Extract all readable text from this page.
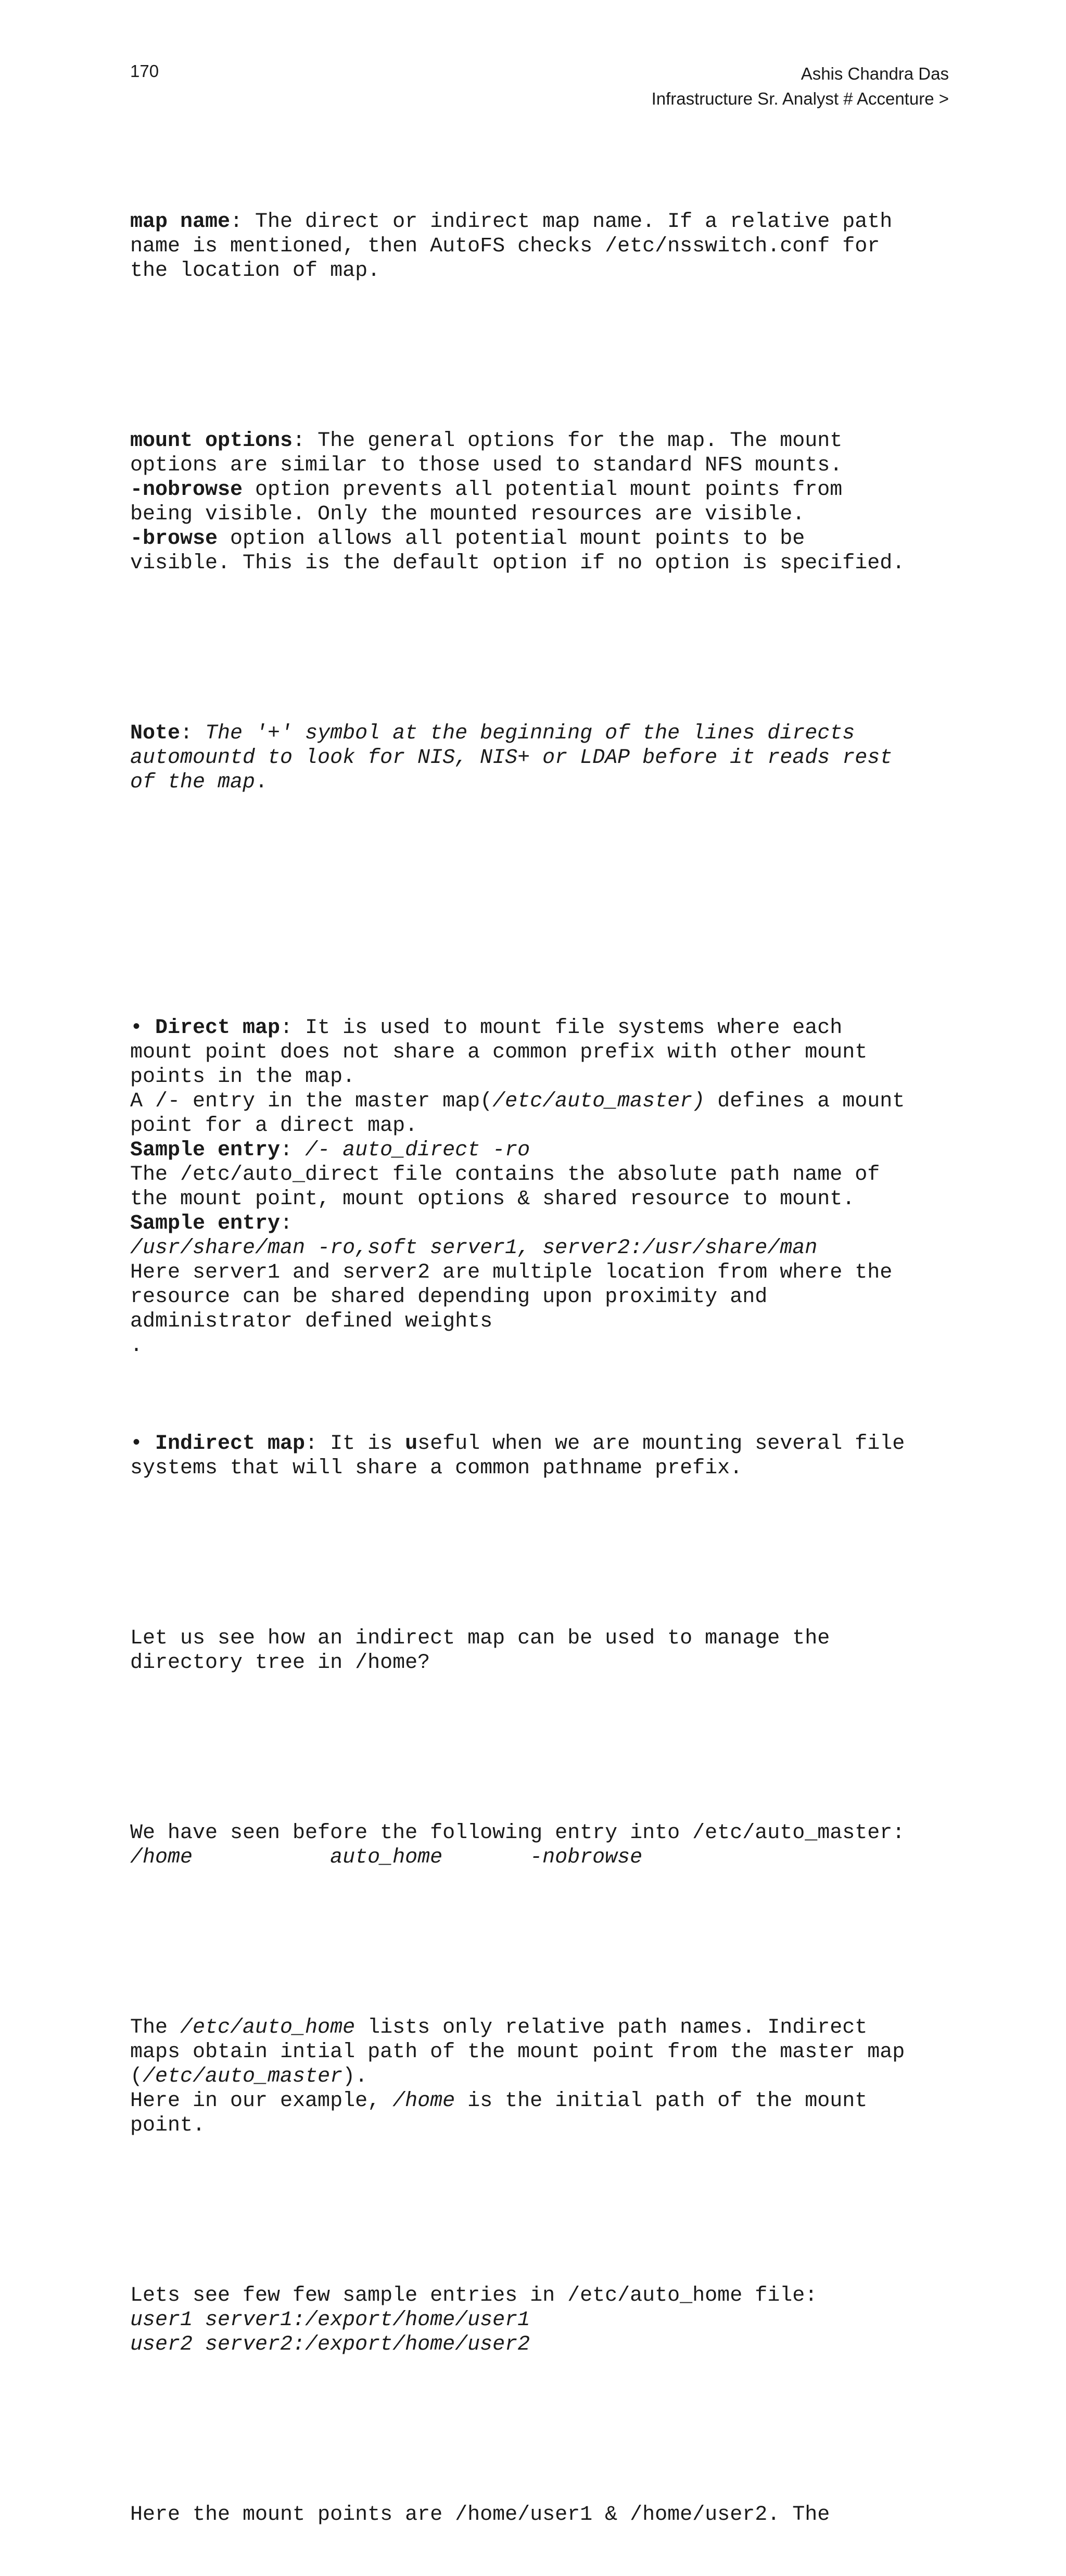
170	Ashis Chandra Das
Infrastructure Sr. Analyst # Accenture >

map name: The direct or indirect map name. If a relative path
name is mentioned, then AutoFS checks /etc/nsswitch.conf for
the location of map.

mount options: The general options for the map. The mount
options are similar to those used to standard NFS mounts.
-nobrowse option prevents all potential mount points from
being visible. Only the mounted resources are visible.
-browse option allows all potential mount points to be
visible. This is the default option if no option is specified.

Note: The '+' symbol at the beginning of the lines directs
automountd to look for NIS, NIS+ or LDAP before it reads rest
of the map.

• Direct map: It is used to mount file systems where each
mount point does not share a common prefix with other mount
points in the map.
A /- entry in the master map(/etc/auto_master) defines a mount
point for a direct map.
Sample entry: /- auto_direct -ro
The /etc/auto_direct file contains the absolute path name of
the mount point, mount options & shared resource to mount.
Sample entry:
/usr/share/man -ro,soft server1, server2:/usr/share/man
Here server1 and server2 are multiple location from where the
resource can be shared depending upon proximity and
administrator defined weights
.

• Indirect map: It is useful when we are mounting several file
systems that will share a common pathname prefix.

Let us see how an indirect map can be used to manage the
directory tree in /home?

We have seen before the following entry into /etc/auto_master:
/home           auto_home       -nobrowse

The /etc/auto_home lists only relative path names. Indirect
maps obtain intial path of the mount point from the master map
(/etc/auto_master).
Here in our example, /home is the initial path of the mount
point.

Lets see few few sample entries in /etc/auto_home file:
user1 server1:/export/home/user1
user2 server2:/export/home/user2

Here the mount points are /home/user1 & /home/user2. The
